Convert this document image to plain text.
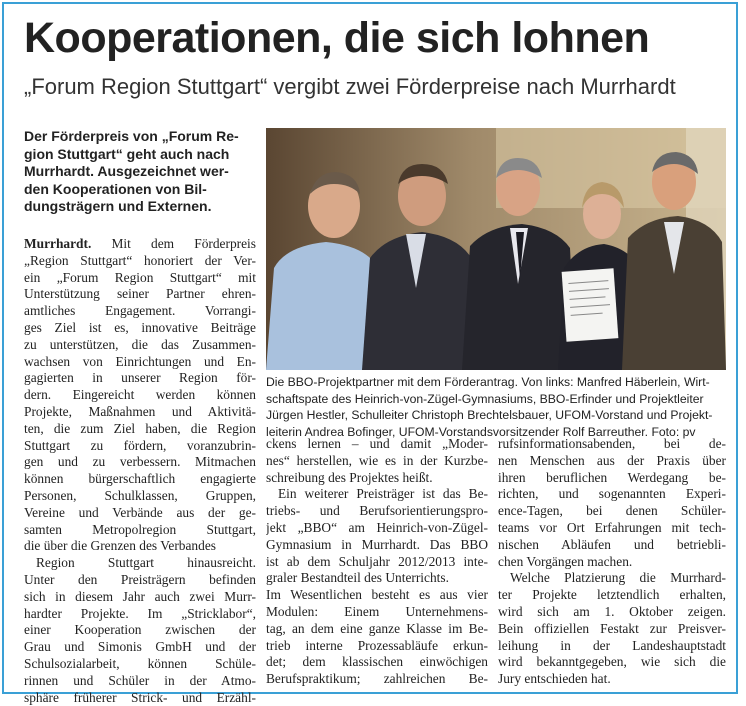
Kooperationen, die sich lohnen
„Forum Region Stuttgart“ vergibt zwei Förderpreise nach Murrhardt
Der Förderpreis von „Forum Re-
gion Stuttgart“ geht auch nach
Murrhardt. Ausgezeichnet wer-
den Kooperationen von Bil-
dungsträgern und Externen.
Murrhardt. Mit dem Förderpreis
„Region Stuttgart“ honoriert der Ver-
ein „Forum Region Stuttgart“ mit
Unterstützung seiner Partner ehren-
amtliches Engagement. Vorrangi-
ges Ziel ist es, innovative Beiträge
zu unterstützen, die das Zusammen-
wachsen von Einrichtungen und En-
gagierten in unserer Region för-
dern. Eingereicht werden können
Projekte, Maßnahmen und Aktivitä-
ten, die zum Ziel haben, die Region
Stuttgart zu fördern, voranzubrin-
gen und zu verbessern. Mitmachen
können bürgerschaftlich engagierte
Personen, Schulklassen, Gruppen,
Vereine und Verbände aus der ge-
samten Metropolregion Stuttgart,
die über die Grenzen des Verbandes
Region Stuttgart hinausreicht.
Unter den Preisträgern befinden
sich in diesem Jahr auch zwei Murr-
hardter Projekte. Im „Stricklabor“,
einer Kooperation zwischen der
Grau und Simonis GmbH und der
Schulsozialarbeit, können Schüle-
rinnen und Schüler in der Atmo-
sphäre früherer Strick- und Erzähl-
Die BBO-Projektpartner mit dem Förderantrag. Von links: Manfred Häberlein, Wirt-
schaftspate des Heinrich-von-Zügel-Gymnasiums, BBO-Erfinder und Projektleiter
Jürgen Hestler, Schulleiter Christoph Brechtelsbauer, UFOM-Vorstand und Projekt-
leiterin Andrea Bofinger, UFOM-Vorstandsvorsitzender Rolf Barreuther. Foto: pv
ckens lernen – und damit „Moder-
nes“ herstellen, wie es in der Kurzbe-
schreibung des Projektes heißt.
Ein weiterer Preisträger ist das Be-
triebs- und Berufsorientierungspro-
jekt „BBO“ am Heinrich-von-Zügel-
Gymnasium in Murrhardt. Das BBO
ist ab dem Schuljahr 2012/2013 inte-
graler Bestandteil des Unterrichts.
Im Wesentlichen besteht es aus vier
Modulen: Einem Unternehmens-
tag, an dem eine ganze Klasse im Be-
trieb interne Prozessabläufe erkun-
det; dem klassischen einwöchigen
Berufspraktikum; zahlreichen Be-
rufsinformationsabenden, bei de-
nen Menschen aus der Praxis über
ihren beruflichen Werdegang be-
richten, und sogenannten Experi-
ence-Tagen, bei denen Schüler-
teams vor Ort Erfahrungen mit tech-
nischen Abläufen und betriebli-
chen Vorgängen machen.
Welche Platzierung die Murrhard-
ter Projekte letztendlich erhalten,
wird sich am 1. Oktober zeigen.
Bein offiziellen Festakt zur Preisver-
leihung in der Landeshauptstadt
wird bekanntgegeben, wie sich die
Jury entschieden hat.
